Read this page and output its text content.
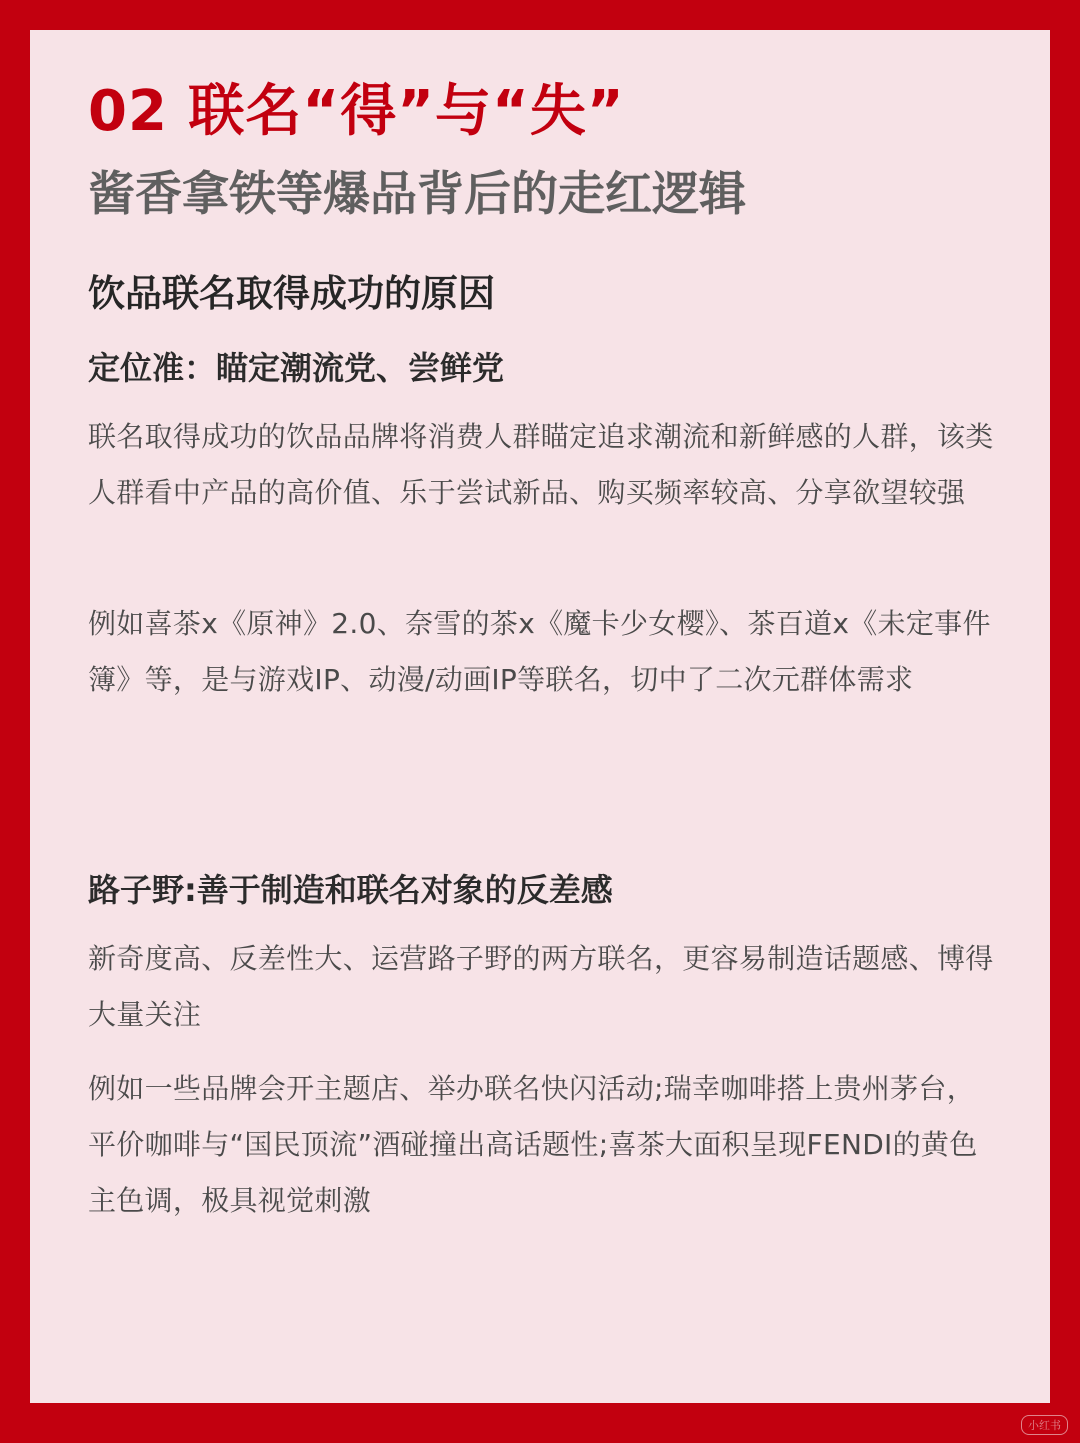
02 联名“得”与“失”
酱香拿铁等爆品背后的走红逻辑
饮品联名取得成功的原因
定位准：瞄定潮流党、尝鲜党
联名取得成功的饮品品牌将消费人群瞄定追求潮流和新鲜感的人群，该类人群看中产品的高价值、乐于尝试新品、购买频率较高、分享欲望较强
例如喜茶x《原神》2.0、奈雪的茶x《魔卡少女樱》、茶百道x《未定事件簿》等，是与游戏IP、动漫/动画IP等联名，切中了二次元群体需求
路子野:善于制造和联名对象的反差感
新奇度高、反差性大、运营路子野的两方联名，更容易制造话题感、博得大量关注
例如一些品牌会开主题店、举办联名快闪活动;瑞幸咖啡搭上贵州茅台，平价咖啡与“国民顶流”酒碰撞出高话题性;喜茶大面积呈现FENDI的黄色主色调，极具视觉刺激
小红书
